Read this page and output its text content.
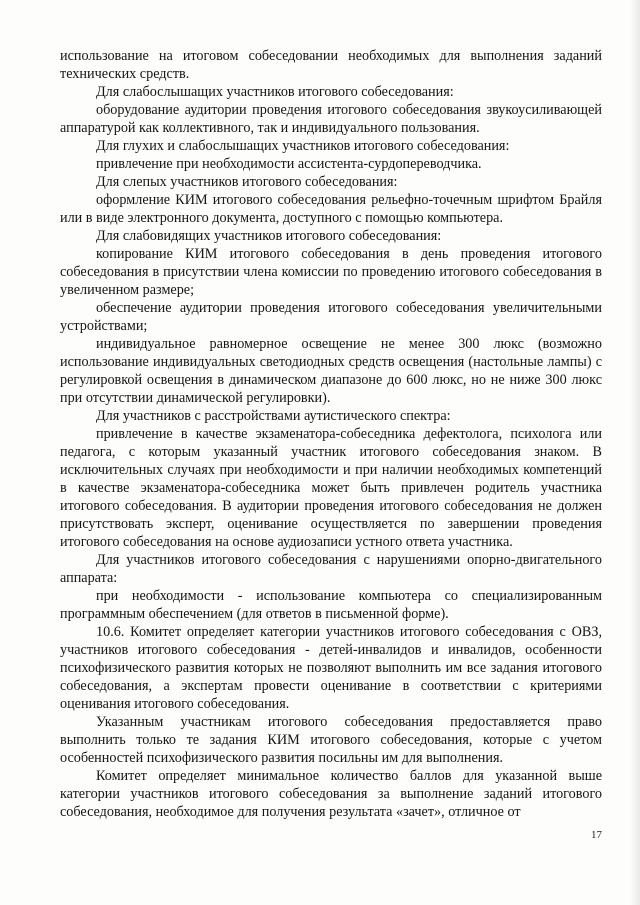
использование на итоговом собеседовании необходимых для выполнения заданий технических средств.

Для слабослышащих участников итогового собеседования:

оборудование аудитории проведения итогового собеседования звукоусиливающей аппаратурой как коллективного, так и индивидуального пользования.

Для глухих и слабослышащих участников итогового собеседования:

привлечение при необходимости ассистента-сурдопереводчика.

Для слепых участников итогового собеседования:

оформление КИМ итогового собеседования рельефно-точечным шрифтом Брайля или в виде электронного документа, доступного с помощью компьютера.

Для слабовидящих участников итогового собеседования:

копирование КИМ итогового собеседования в день проведения итогового собеседования в присутствии члена комиссии по проведению итогового собеседования в увеличенном размере;

обеспечение аудитории проведения итогового собеседования увеличительными устройствами;

индивидуальное равномерное освещение не менее 300 люкс (возможно использование индивидуальных светодиодных средств освещения (настольные лампы) с регулировкой освещения в динамическом диапазоне до 600 люкс, но не ниже 300 люкс при отсутствии динамической регулировки).

Для участников с расстройствами аутистического спектра:

привлечение в качестве экзаменатора-собеседника дефектолога, психолога или педагога, с которым указанный участник итогового собеседования знаком. В исключительных случаях при необходимости и при наличии необходимых компетенций в качестве экзаменатора-собеседника может быть привлечен родитель участника итогового собеседования. В аудитории проведения итогового собеседования не должен присутствовать эксперт, оценивание осуществляется по завершении проведения итогового собеседования на основе аудиозаписи устного ответа участника.

Для участников итогового собеседования с нарушениями опорно-двигательного аппарата:

при необходимости - использование компьютера со специализированным программным обеспечением (для ответов в письменной форме).

10.6. Комитет определяет категории участников итогового собеседования с ОВЗ, участников итогового собеседования - детей-инвалидов и инвалидов, особенности психофизического развития которых не позволяют выполнить им все задания итогового собеседования, а экспертам провести оценивание в соответствии с критериями оценивания итогового собеседования.

Указанным участникам итогового собеседования предоставляется право выполнить только те задания КИМ итогового собеседования, которые с учетом особенностей психофизического развития посильны им для выполнения.

Комитет определяет минимальное количество баллов для указанной выше категории участников итогового собеседования за выполнение заданий итогового собеседования, необходимое для получения результата «зачет», отличное от

17
